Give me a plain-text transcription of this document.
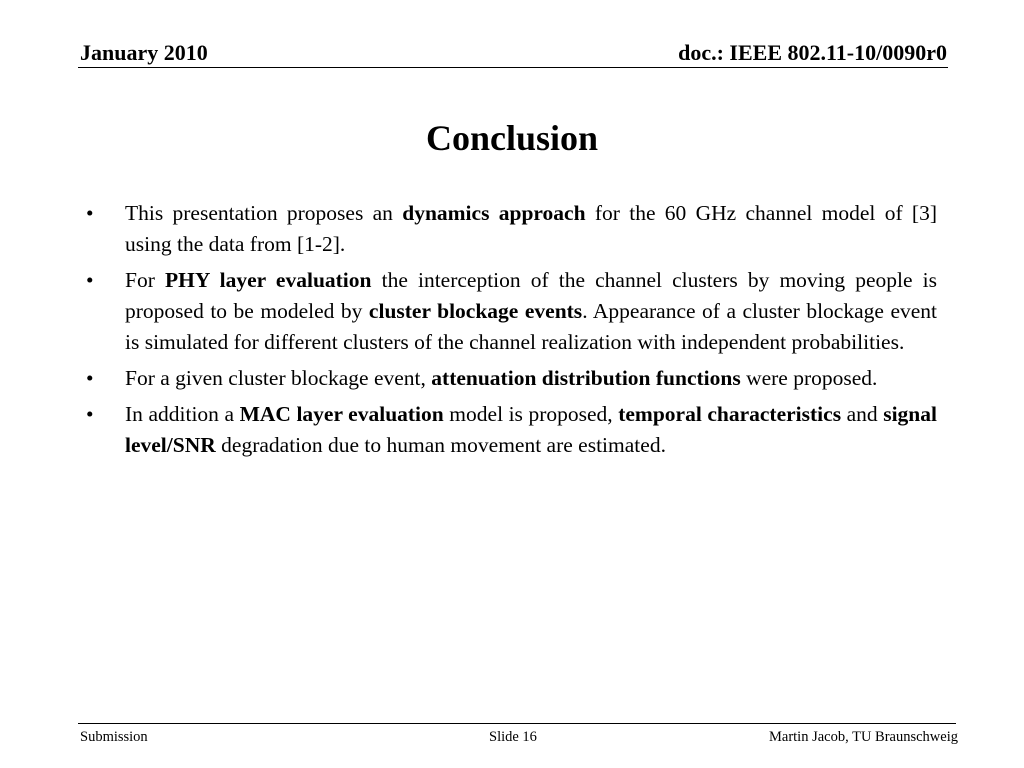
January 2010	doc.: IEEE 802.11-10/0090r0
Conclusion
•	This presentation proposes an dynamics approach for the 60 GHz channel model of [3] using the data from [1-2].
•	For PHY layer evaluation the interception of the channel clusters by moving people is proposed to be modeled by cluster blockage events. Appearance of a cluster blockage event is simulated for different clusters of the channel realization with independent probabilities.
•	For a given cluster blockage event, attenuation distribution functions were proposed.
•	In addition a MAC layer evaluation model is proposed, temporal characteristics and signal level/SNR degradation due to human movement are estimated.
Submission	Slide 16	Martin Jacob, TU Braunschweig
